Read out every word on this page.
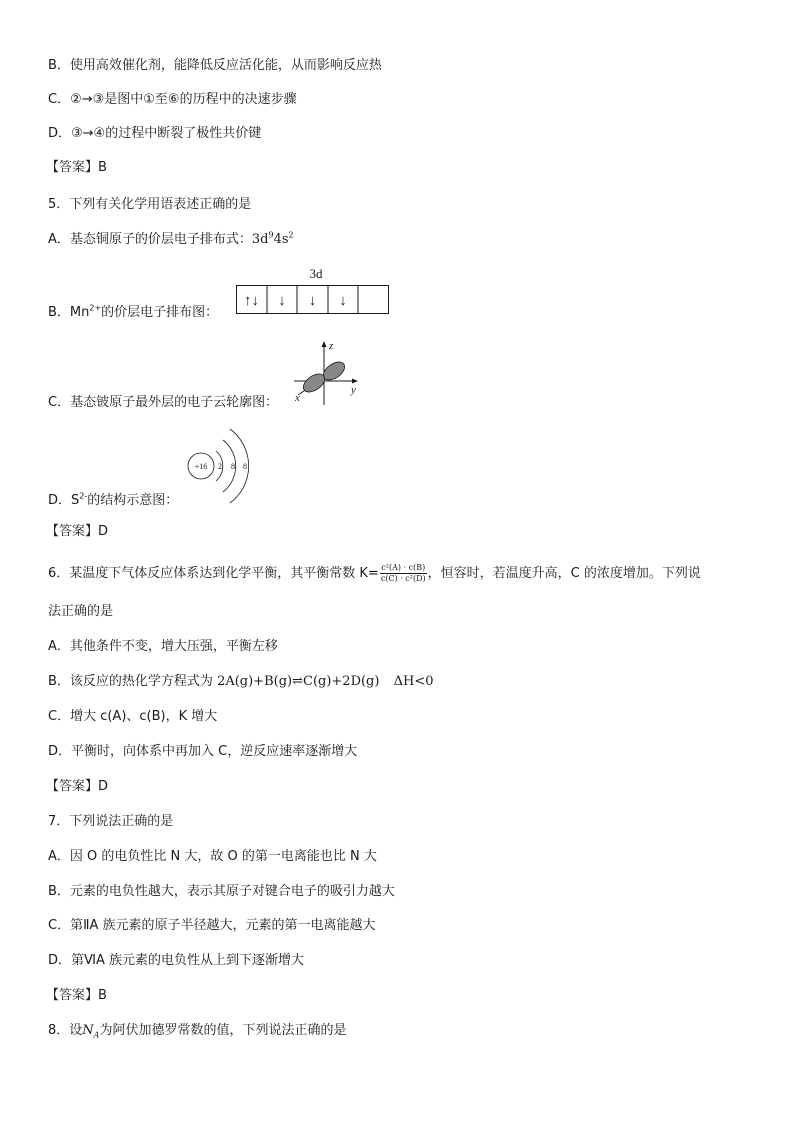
B．使用高效催化剂，能降低反应活化能，从而影响反应热
C．②→③是图中①至⑥的历程中的决速步骤
D．③→④的过程中断裂了极性共价键
【答案】B
5．下列有关化学用语表述正确的是
A．基态铜原子的价层电子排布式：$3d^94s^2$
B．$Mn^{2+}$的价层电子排布图：
3d
↑↓ ↓ ↓ ↓
C．基态铍原子最外层的电子云轮廓图：
z
x
y
D．$S^{2-}$的结构示意图：
+16 2 8 8
【答案】D
6．某温度下气体反应体系达到化学平衡，其平衡常数 $K= \frac{\text{c²(A) · c(B)}}{\text{c(C) · c²(D)}}$ ，恒容时，若温度升高，C 的浓度增加。下列说
法正确的是
A．其他条件不变，增大压强，平衡左移
B．该反应的热化学方程式为 2A(g)+B(g)⇌C(g)+2D(g) ΔH<0
C．增大 c(A)、c(B)，K 增大
D．平衡时，向体系中再加入 C，逆反应速率逐渐增大
【答案】D
7．下列说法正确的是
A．因 O 的电负性比 N 大，故 O 的第一电离能也比 N 大
B．元素的电负性越大，表示其原子对键合电子的吸引力越大
C．第ⅡA 族元素的原子半径越大，元素的第一电离能越大
D．第ⅥA 族元素的电负性从上到下逐渐增大
【答案】B
8．设$N_A$为阿伏加德罗常数的值，下列说法正确的是
